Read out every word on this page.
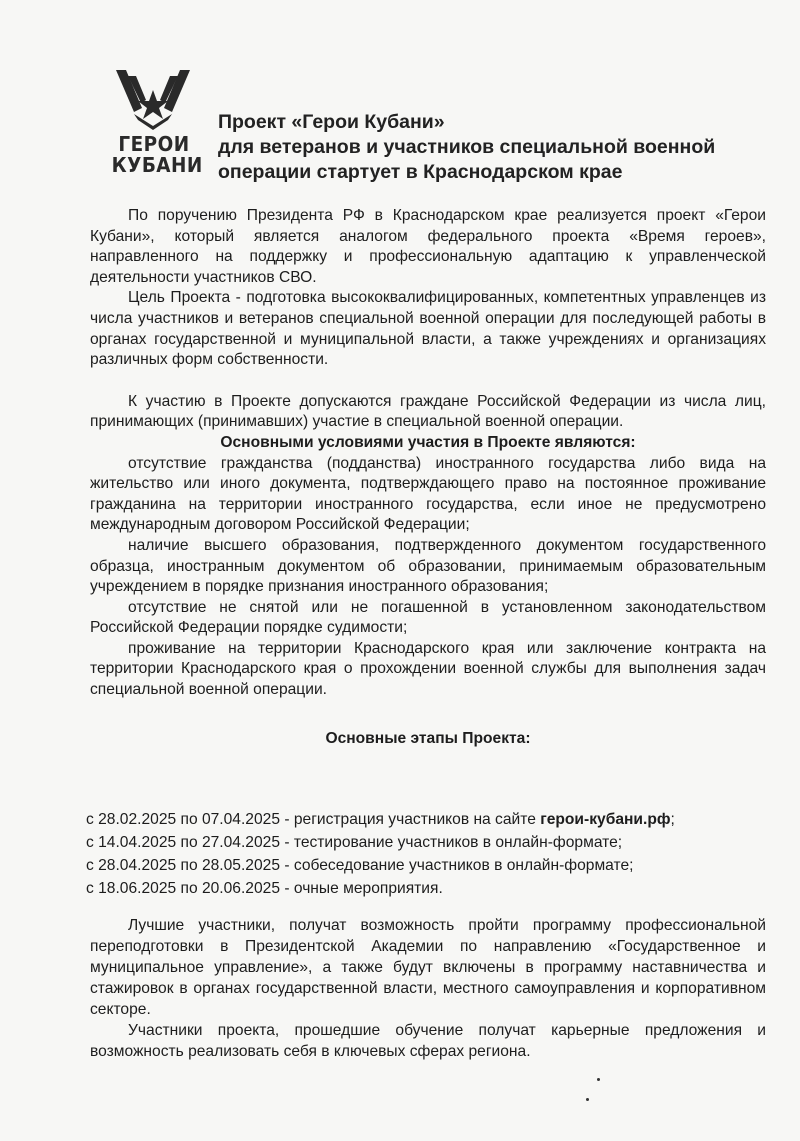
ГЕРОИ
КУБАНИ
Проект «Герои Кубани»
для ветеранов и участников специальной военной
операции стартует в Краснодарском крае

По поручению Президента РФ в Краснодарском крае реализуется проект «Герои Кубани», который является аналогом федерального проекта «Время героев», направленного на поддержку и профессиональную адаптацию к управленческой деятельности участников СВО.

Цель Проекта - подготовка высококвалифицированных, компетентных управленцев из числа участников и ветеранов специальной военной операции для последующей работы в органах государственной и муниципальной власти, а также учреждениях и организациях различных форм собственности.

К участию в Проекте допускаются граждане Российской Федерации из числа лиц, принимающих (принимавших) участие в специальной военной операции.

Основными условиями участия в Проекте являются:

отсутствие гражданства (подданства) иностранного государства либо вида на жительство или иного документа, подтверждающего право на постоянное проживание гражданина на территории иностранного государства, если иное не предусмотрено международным договором Российской Федерации;

наличие высшего образования, подтвержденного документом государственного образца, иностранным документом об образовании, принимаемым образовательным учреждением в порядке признания иностранного образования;

отсутствие не снятой или не погашенной в установленном законодательством Российской Федерации порядке судимости;

проживание на территории Краснодарского края или заключение контракта на территории Краснодарского края о прохождении военной службы для выполнения задач специальной военной операции.

Основные этапы Проекта:

с 28.02.2025 по 07.04.2025 - регистрация участников на сайте герои-кубани.рф;
с 14.04.2025 по 27.04.2025 - тестирование участников в онлайн-формате;
с 28.04.2025 по 28.05.2025 - собеседование участников в онлайн-формате;
с 18.06.2025 по 20.06.2025 - очные мероприятия.

Лучшие участники, получат возможность пройти программу профессиональной переподготовки в Президентской Академии по направлению «Государственное и муниципальное управление», а также будут включены в программу наставничества и стажировок в органах государственной власти, местного самоуправления и корпоративном секторе.

Участники проекта, прошедшие обучение получат карьерные предложения и возможность реализовать себя в ключевых сферах региона.
